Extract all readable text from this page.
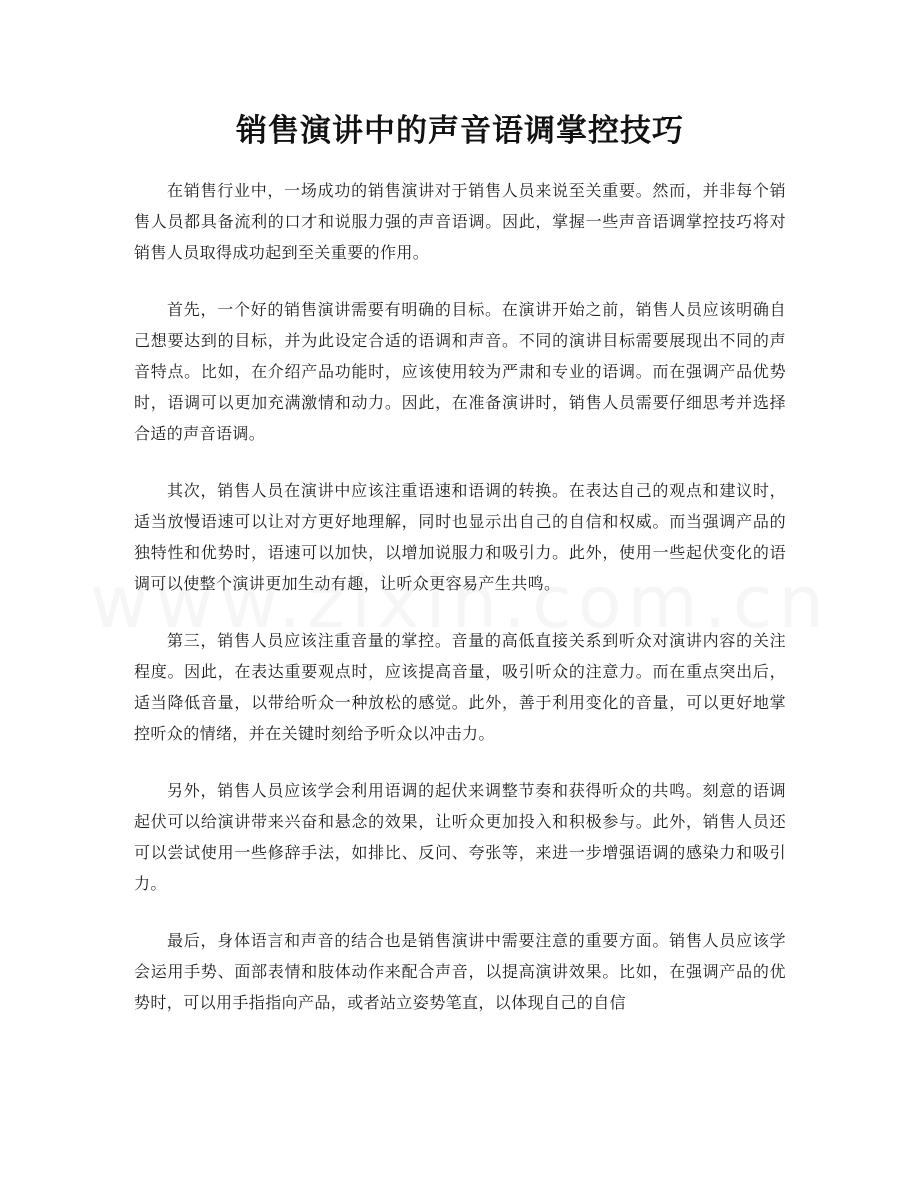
销售演讲中的声音语调掌控技巧

在销售行业中，一场成功的销售演讲对于销售人员来说至关重要。然而，并非每个销售人员都具备流利的口才和说服力强的声音语调。因此，掌握一些声音语调掌控技巧将对销售人员取得成功起到至关重要的作用。

首先，一个好的销售演讲需要有明确的目标。在演讲开始之前，销售人员应该明确自己想要达到的目标，并为此设定合适的语调和声音。不同的演讲目标需要展现出不同的声音特点。比如，在介绍产品功能时，应该使用较为严肃和专业的语调。而在强调产品优势时，语调可以更加充满激情和动力。因此，在准备演讲时，销售人员需要仔细思考并选择合适的声音语调。

其次，销售人员在演讲中应该注重语速和语调的转换。在表达自己的观点和建议时，适当放慢语速可以让对方更好地理解，同时也显示出自己的自信和权威。而当强调产品的独特性和优势时，语速可以加快，以增加说服力和吸引力。此外，使用一些起伏变化的语调可以使整个演讲更加生动有趣，让听众更容易产生共鸣。

第三，销售人员应该注重音量的掌控。音量的高低直接关系到听众对演讲内容的关注程度。因此，在表达重要观点时，应该提高音量，吸引听众的注意力。而在重点突出后，适当降低音量，以带给听众一种放松的感觉。此外，善于利用变化的音量，可以更好地掌控听众的情绪，并在关键时刻给予听众以冲击力。

另外，销售人员应该学会利用语调的起伏来调整节奏和获得听众的共鸣。刻意的语调起伏可以给演讲带来兴奋和悬念的效果，让听众更加投入和积极参与。此外，销售人员还可以尝试使用一些修辞手法，如排比、反问、夸张等，来进一步增强语调的感染力和吸引力。

最后，身体语言和声音的结合也是销售演讲中需要注意的重要方面。销售人员应该学会运用手势、面部表情和肢体动作来配合声音，以提高演讲效果。比如，在强调产品的优势时，可以用手指指向产品，或者站立姿势笔直，以体现自己的自信
